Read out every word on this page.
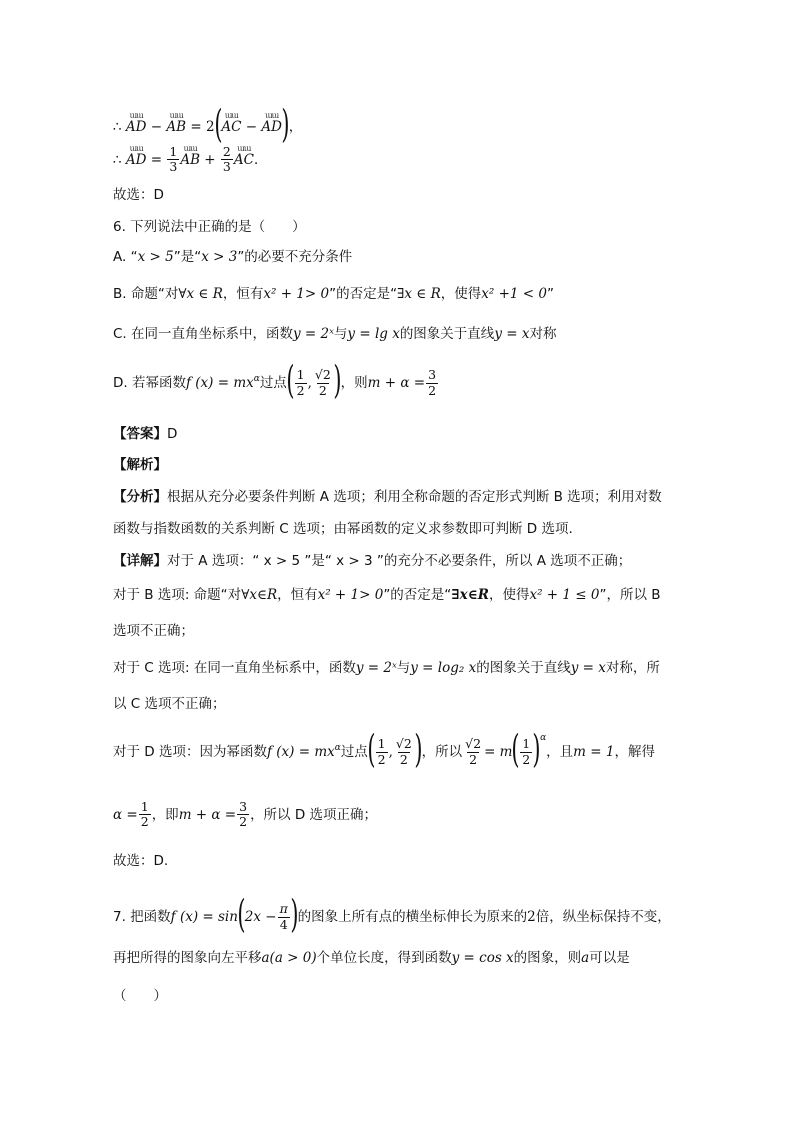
∴ ɯɯ AD − ɯɯ AB = 2(ɯɯ AC − ɯɯ AD)，
∴ ɯɯ AD = $\frac{1}{3}$ ɯɯ AB + $\frac{2}{3}$ ɯɯ AC．
故选：D
6. 下列说法中正确的是（　　）
A. “x > 5”是“x > 3”的必要不充分条件
B. 命题“对∀x ∈ R，恒有x² + 1> 0”的否定是“∃x ∈ R，使得x² +1 < 0”
C. 在同一直角坐标系中，函数y = 2ˣ与y = lg x的图象关于直线y = x对称
D. 若幂函数f $(x) = mx^\alpha$过点( $\frac{1}{2}$ , $\frac{√2}{2}$ )，则$m + \alpha = \frac{3}{2}$
【答案】D
【解析】
【分析】根据从充分必要条件判断 A 选项；利用全称命题的否定形式判断 B 选项；利用对数
函数与指数函数的关系判断 C 选项；由幂函数的定义求参数即可判断 D 选项.
【详解】对于 A 选项：“ x > 5 ”是“ x > 3 ”的充分不必要条件，所以 A 选项不正确；
对于 B 选项: 命题“对∀x∈R，恒有x² + 1> 0”的否定是“∃x∈R，使得x² + 1 ≤ 0”，所以 B
选项不正确；
对于 C 选项: 在同一直角坐标系中，函数y = 2ˣ与y = log₂ x的图象关于直线y = x对称，所
以 C 选项不正确；
对于 D 选项：因为幂函数f $(x) = mx^\alpha$过点( $\frac{1}{2}$ , $\frac{√2}{2}$ )，所以 $\frac{√2}{2} = m( \frac{1}{2} )^\alpha$，且m = 1，解得
$\alpha = \frac{1}{2}$ ，即$m + \alpha = \frac{3}{2}$ ，所以 D 选项正确；
故选：D.
7. 把函数f $(x) = \sin(2x - \frac{\pi}{4}$ )的图象上所有点的横坐标伸长为原来的2倍，纵坐标保持不变，
再把所得的图象向左平移a(a > 0)个单位长度，得到函数y = cos x的图象，则a可以是
（　　）
